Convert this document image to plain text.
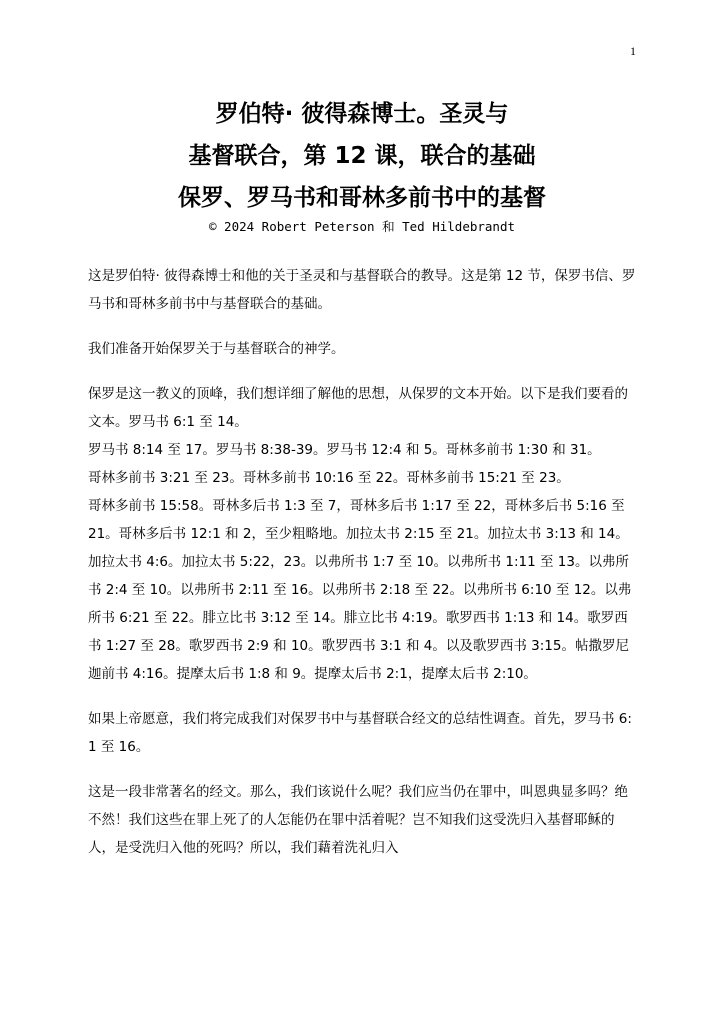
1
罗伯特· 彼得森博士。圣灵与
基督联合，第 12 课，联合的基础
保罗、罗马书和哥林多前书中的基督
© 2024 Robert Peterson 和 Ted Hildebrandt

这是罗伯特· 彼得森博士和他的关于圣灵和与基督联合的教导。这是第 12 节，保罗书信、罗马书和哥林多前书中与基督联合的基础。

我们准备开始保罗关于与基督联合的神学。

保罗是这一教义的顶峰，我们想详细了解他的思想，从保罗的文本开始。以下是我们要看的文本。罗马书 6:1 至 14。

罗马书 8:14 至 17。罗马书 8:38-39。罗马书 12:4 和 5。哥林多前书 1:30 和 31。

哥林多前书 3:21 至 23。哥林多前书 10:16 至 22。哥林多前书 15:21 至 23。

哥林多前书 15:58。哥林多后书 1:3 至 7，哥林多后书 1:17 至 22，哥林多后书 5:16 至 21。哥林多后书 12:1 和 2，至少粗略地。加拉太书 2:15 至 21。加拉太书 3:13 和 14。加拉太书 4:6。加拉太书 5:22，23。以弗所书 1:7 至 10。以弗所书 1:11 至 13。以弗所书 2:4 至 10。以弗所书 2:11 至 16。以弗所书 2:18 至 22。以弗所书 6:10 至 12。以弗所书 6:21 至 22。腓立比书 3:12 至 14。腓立比书 4:19。歌罗西书 1:13 和 14。歌罗西书 1:27 至 28。歌罗西书 2:9 和 10。歌罗西书 3:1 和 4。以及歌罗西书 3:15。帖撒罗尼迦前书 4:16。提摩太后书 1:8 和 9。提摩太后书 2:1，提摩太后书 2:10。

如果上帝愿意，我们将完成我们对保罗书中与基督联合经文的总结性调查。首先，罗马书 6:1 至 16。

这是一段非常著名的经文。那么，我们该说什么呢？我们应当仍在罪中，叫恩典显多吗？绝不然！我们这些在罪上死了的人怎能仍在罪中活着呢？岂不知我们这受洗归入基督耶稣的人，是受洗归入他的死吗？所以，我们藉着洗礼归入
